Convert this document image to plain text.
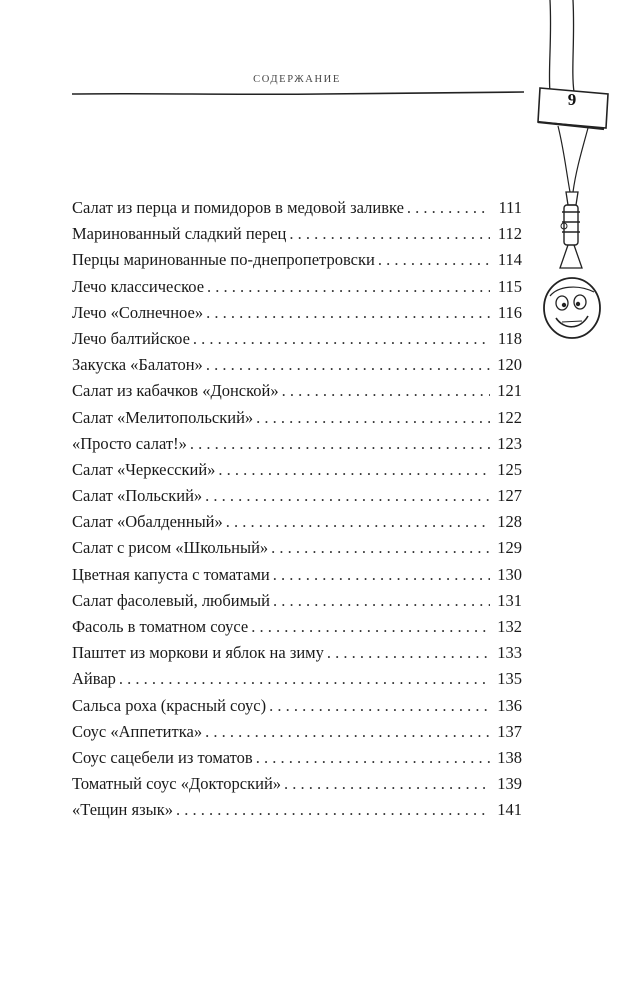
СОДЕРЖАНИЕ
9
Салат из перца и помидоров в медовой заливке . . .	111
Маринованный сладкий перец . . .	112
Перцы маринованные по-днепропетровски . . .	114
Лечо классическое . . .	115
Лечо «Солнечное» . . .	116
Лечо балтийское . . .	118
Закуска «Балатон» . . .	120
Салат из кабачков «Донской» . . .	121
Салат «Мелитопольский» . . .	122
«Просто салат!» . . .	123
Салат «Черкесский» . . .	125
Салат «Польский» . . .	127
Салат «Обалденный» . . .	128
Салат с рисом «Школьный» . . .	129
Цветная капуста с томатами . . .	130
Салат фасолевый, любимый . . .	131
Фасоль в томатном соусе . . .	132
Паштет из моркови и яблок на зиму . . .	133
Айвар . . .	135
Сальса роха (красный соус) . . .	136
Соус «Аппетитка» . . .	137
Соус сацебели из томатов . . .	138
Томатный соус «Докторский» . . .	139
«Тещин язык» . . .	141
